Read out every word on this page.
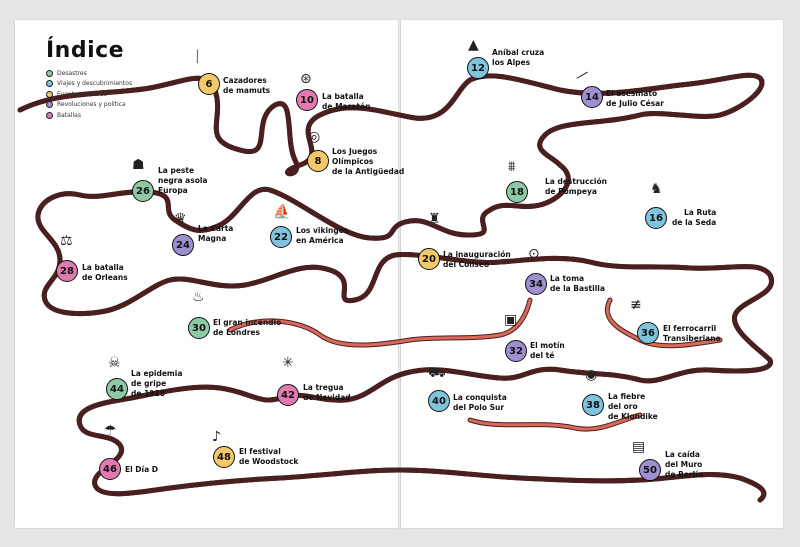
Índice
Desastres
Viajes y descubrimientos
Eventos sociales
Revoluciones y política
Batallas
⟋
6	Cazadores
de mamuts
◎
8
Los Juegos
Olímpicos
de la Antigüedad
⊛
10	La batalla
de Maratón
▲
12
Aníbal cruza
los Alpes
—
14 El asesinato
de Julio César
♞
16	La Ruta
de la Seda
⩩
18
La destrucción
de Pompeya
♜
20 La inauguración
del Coliseo
⛵
22
Los vikingos
en América
♛
24
La Carta
Magna
☗
26
La peste
negra asola
Europa
⚖
28	La batalla
de Orleans
♨
30 El gran incendio
de Londres
▣
32 El motín
del té
⊙
34 La toma
de la Bastilla
≢
36	El ferrocarril
Transiberiano
◉
38
La fiebre
del oro
de Klondike
⛟
40 La conquista
del Polo Sur
✳
42
La tregua
de Navidad
☠
44
La epidemia
de gripe
de 1918
☂
46	El Día D
♪
48	El festival
de Woodstock
▤
50
La caída
del Muro
de Berlín
